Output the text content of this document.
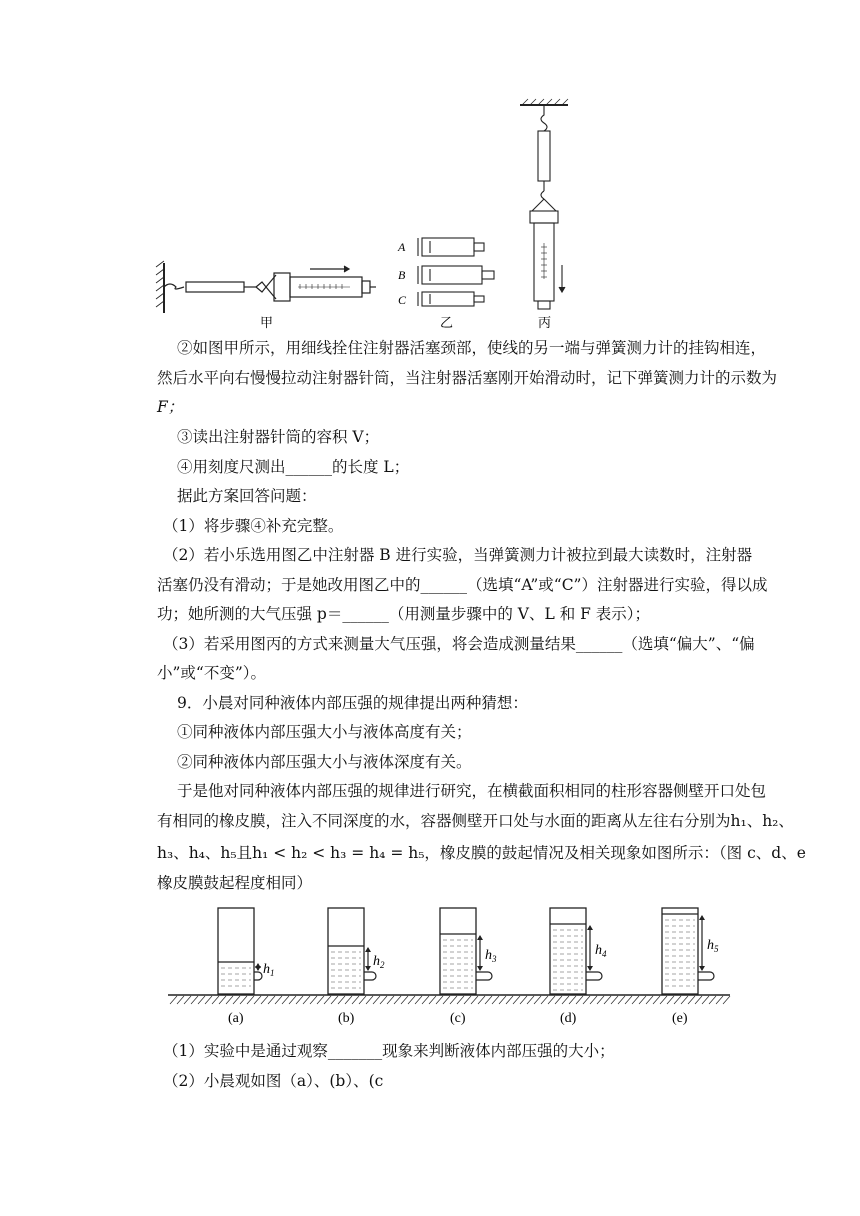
甲
A
B
C
乙	丙
②如图甲所示，用细线拴住注射器活塞颈部，使线的另一端与弹簧测力计的挂钩相连，
然后水平向右慢慢拉动注射器针筒，当注射器活塞刚开始滑动时，记下弹簧测力计的示数为
F；
③读出注射器针筒的容积 V；
④用刻度尺测出______的长度 L；
据此方案回答问题：
（1）将步骤④补充完整。
（2）若小乐选用图乙中注射器 B 进行实验，当弹簧测力计被拉到最大读数时，注射器
活塞仍没有滑动；于是她改用图乙中的______（选填“A”或“C”）注射器进行实验，得以成
功；她所测的大气压强 p＝______（用测量步骤中的 V、L 和 F 表示）；
（3）若采用图丙的方式来测量大气压强，将会造成测量结果______（选填“偏大”、“偏
小”或“不变”）。
9．小晨对同种液体内部压强的规律提出两种猜想：
①同种液体内部压强大小与液体高度有关；
②同种液体内部压强大小与液体深度有关。
于是他对同种液体内部压强的规律进行研究，在横截面积相同的柱形容器侧壁开口处包
有相同的橡皮膜，注入不同深度的水，容器侧壁开口处与水面的距离从左往右分别为h₁、h₂、
h₃、h₄、h₅且h₁ < h₂ < h₃ = h₄ = h₅，橡皮膜的鼓起情况及相关现象如图所示：（图 c、d、e
橡皮膜鼓起程度相同）
$h_1$
(a)
$h_2$
(b)
$h_3$
(c)
$h_4$
(d)
$h_5$
(e)
（1）实验中是通过观察_______现象来判断液体内部压强的大小；
（2）小晨观如图（a）、(b）、(c
